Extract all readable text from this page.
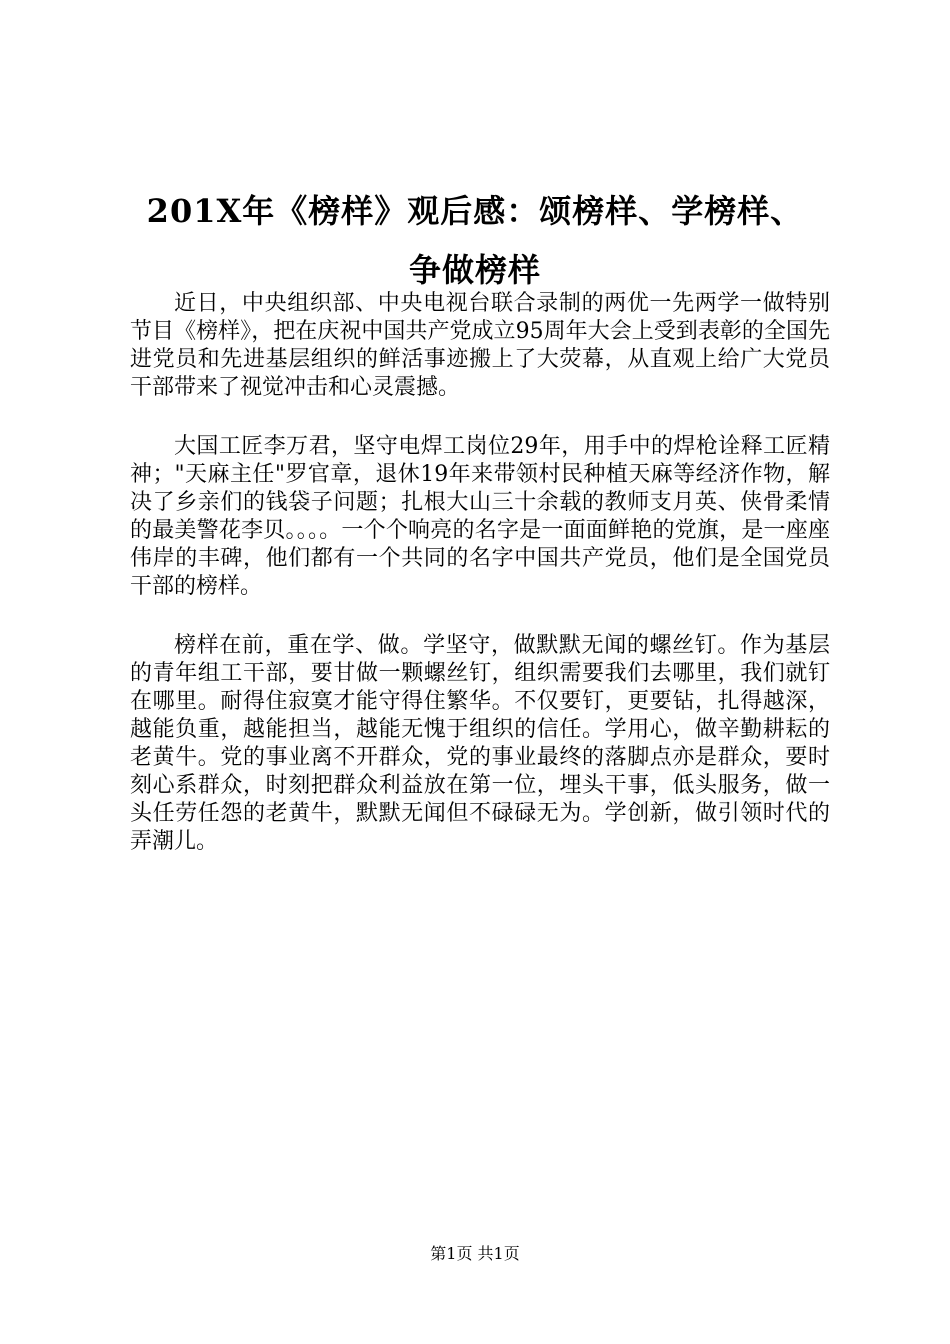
201X年《榜样》观后感：颂榜样、学榜样、
争做榜样

近日，中央组织部、中央电视台联合录制的两优一先两学一做特别节目《榜样》，把在庆祝中国共产党成立95周年大会上受到表彰的全国先进党员和先进基层组织的鲜活事迹搬上了大荧幕，从直观上给广大党员干部带来了视觉冲击和心灵震撼。

大国工匠李万君，坚守电焊工岗位29年，用手中的焊枪诠释工匠精神；"天麻主任"罗官章，退休19年来带领村民种植天麻等经济作物，解决了乡亲们的钱袋子问题；扎根大山三十余载的教师支月英、侠骨柔情的最美警花李贝。。。。一个个响亮的名字是一面面鲜艳的党旗，是一座座伟岸的丰碑，他们都有一个共同的名字中国共产党员，他们是全国党员干部的榜样。

榜样在前，重在学、做。学坚守，做默默无闻的螺丝钉。作为基层的青年组工干部，要甘做一颗螺丝钉，组织需要我们去哪里，我们就钉在哪里。耐得住寂寞才能守得住繁华。不仅要钉，更要钻，扎得越深，越能负重，越能担当，越能无愧于组织的信任。学用心，做辛勤耕耘的老黄牛。党的事业离不开群众，党的事业最终的落脚点亦是群众，要时刻心系群众，时刻把群众利益放在第一位，埋头干事，低头服务，做一头任劳任怨的老黄牛，默默无闻但不碌碌无为。学创新，做引领时代的弄潮儿。

第1页 共1页
